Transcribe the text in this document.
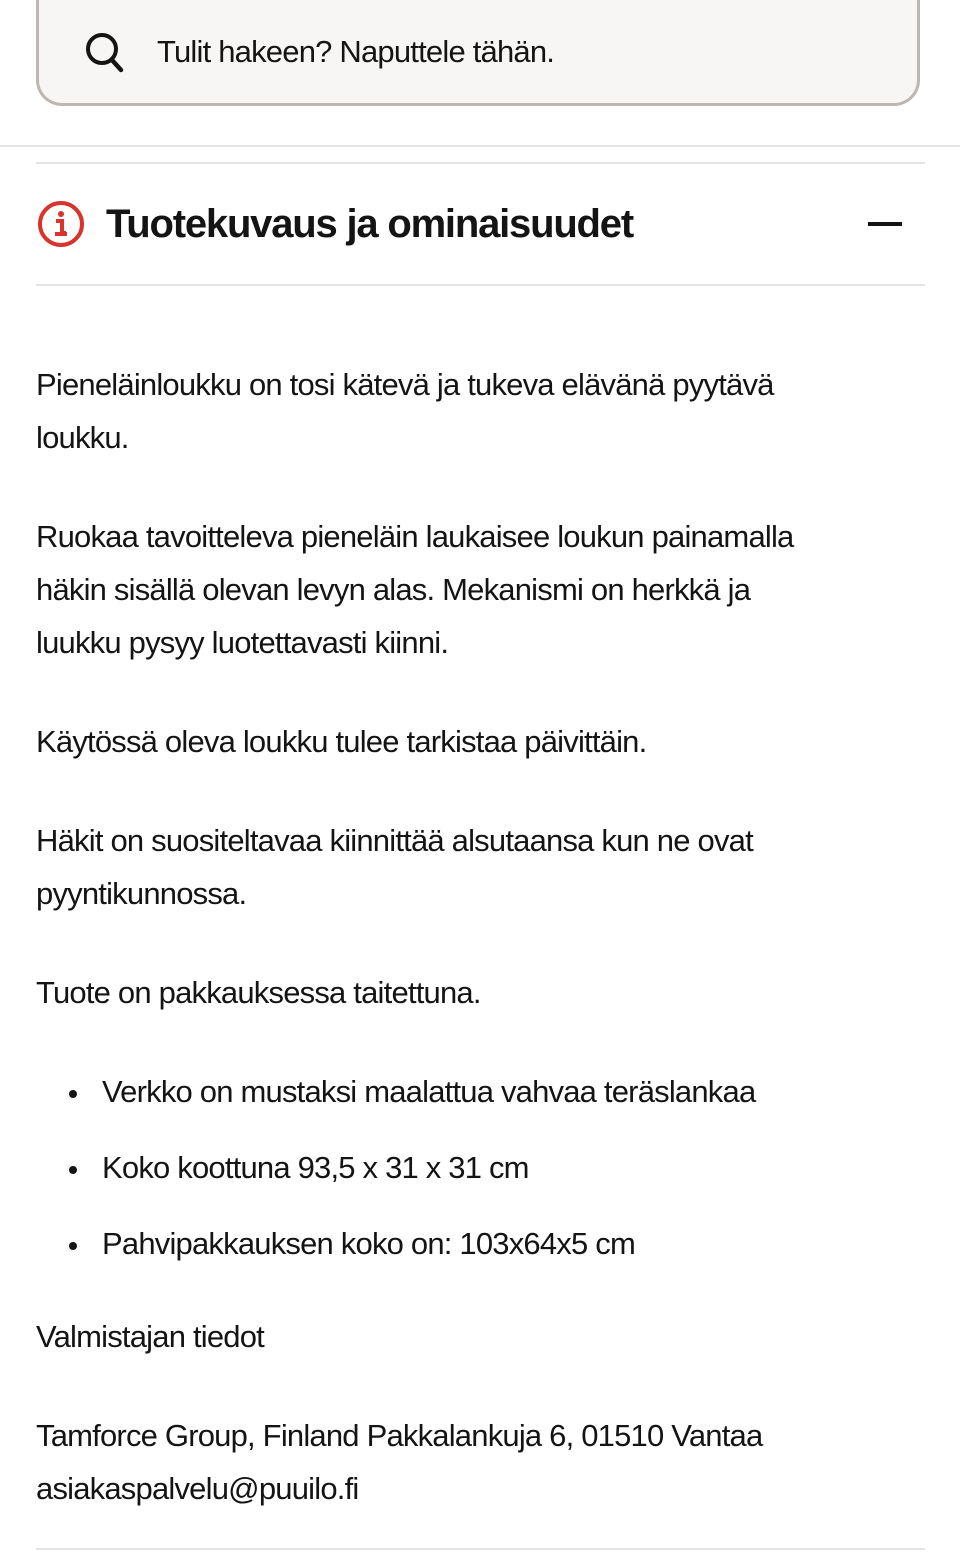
Tulit hakeen? Naputtele tähän.
Tuotekuvaus ja ominaisuudet

Pieneläinloukku on tosi kätevä ja tukeva elävänä pyytävä
loukku.

Ruokaa tavoitteleva pieneläin laukaisee loukun painamalla
häkin sisällä olevan levyn alas. Mekanismi on herkkä ja
luukku pysyy luotettavasti kiinni.

Käytössä oleva loukku tulee tarkistaa päivittäin.

Häkit on suositeltavaa kiinnittää alsutaansa kun ne ovat
pyyntikunnossa.

Tuote on pakkauksessa taitettuna.

• Verkko on mustaksi maalattua vahvaa teräslankaa
• Koko koottuna 93,5 x 31 x 31 cm
• Pahvipakkauksen koko on: 103x64x5 cm

Valmistajan tiedot

Tamforce Group, Finland Pakkalankuja 6, 01510 Vantaa
asiakaspalvelu@puuilo.fi
